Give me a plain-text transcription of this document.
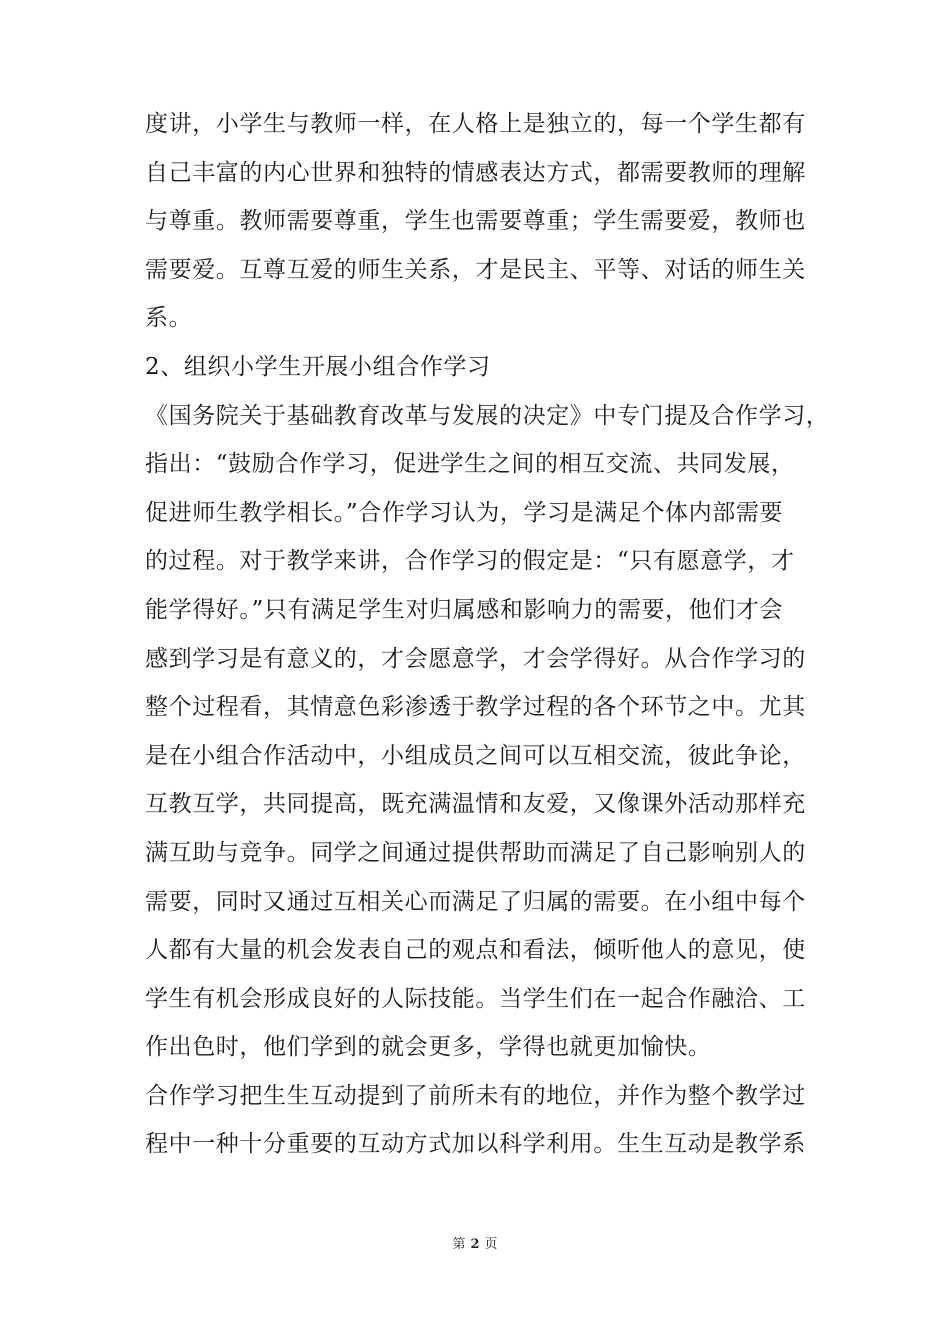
度讲，小学生与教师一样，在人格上是独立的，每一个学生都有
自己丰富的内心世界和独特的情感表达方式，都需要教师的理解
与尊重。教师需要尊重，学生也需要尊重；学生需要爱，教师也
需要爱。互尊互爱的师生关系，才是民主、平等、对话的师生关
系。
2、组织小学生开展小组合作学习
《国务院关于基础教育改革与发展的决定》中专门提及合作学习，
指出：“鼓励合作学习，促进学生之间的相互交流、共同发展，
促进师生教学相长。”合作学习认为，学习是满足个体内部需要
的过程。对于教学来讲，合作学习的假定是：“只有愿意学，才
能学得好。”只有满足学生对归属感和影响力的需要，他们才会
感到学习是有意义的，才会愿意学，才会学得好。从合作学习的
整个过程看，其情意色彩渗透于教学过程的各个环节之中。尤其
是在小组合作活动中，小组成员之间可以互相交流，彼此争论，
互教互学，共同提高，既充满温情和友爱，又像课外活动那样充
满互助与竞争。同学之间通过提供帮助而满足了自己影响别人的
需要，同时又通过互相关心而满足了归属的需要。在小组中每个
人都有大量的机会发表自己的观点和看法，倾听他人的意见，使
学生有机会形成良好的人际技能。当学生们在一起合作融洽、工
作出色时，他们学到的就会更多，学得也就更加愉快。
合作学习把生生互动提到了前所未有的地位，并作为整个教学过
程中一种十分重要的互动方式加以科学利用。生生互动是教学系
第 2 页
